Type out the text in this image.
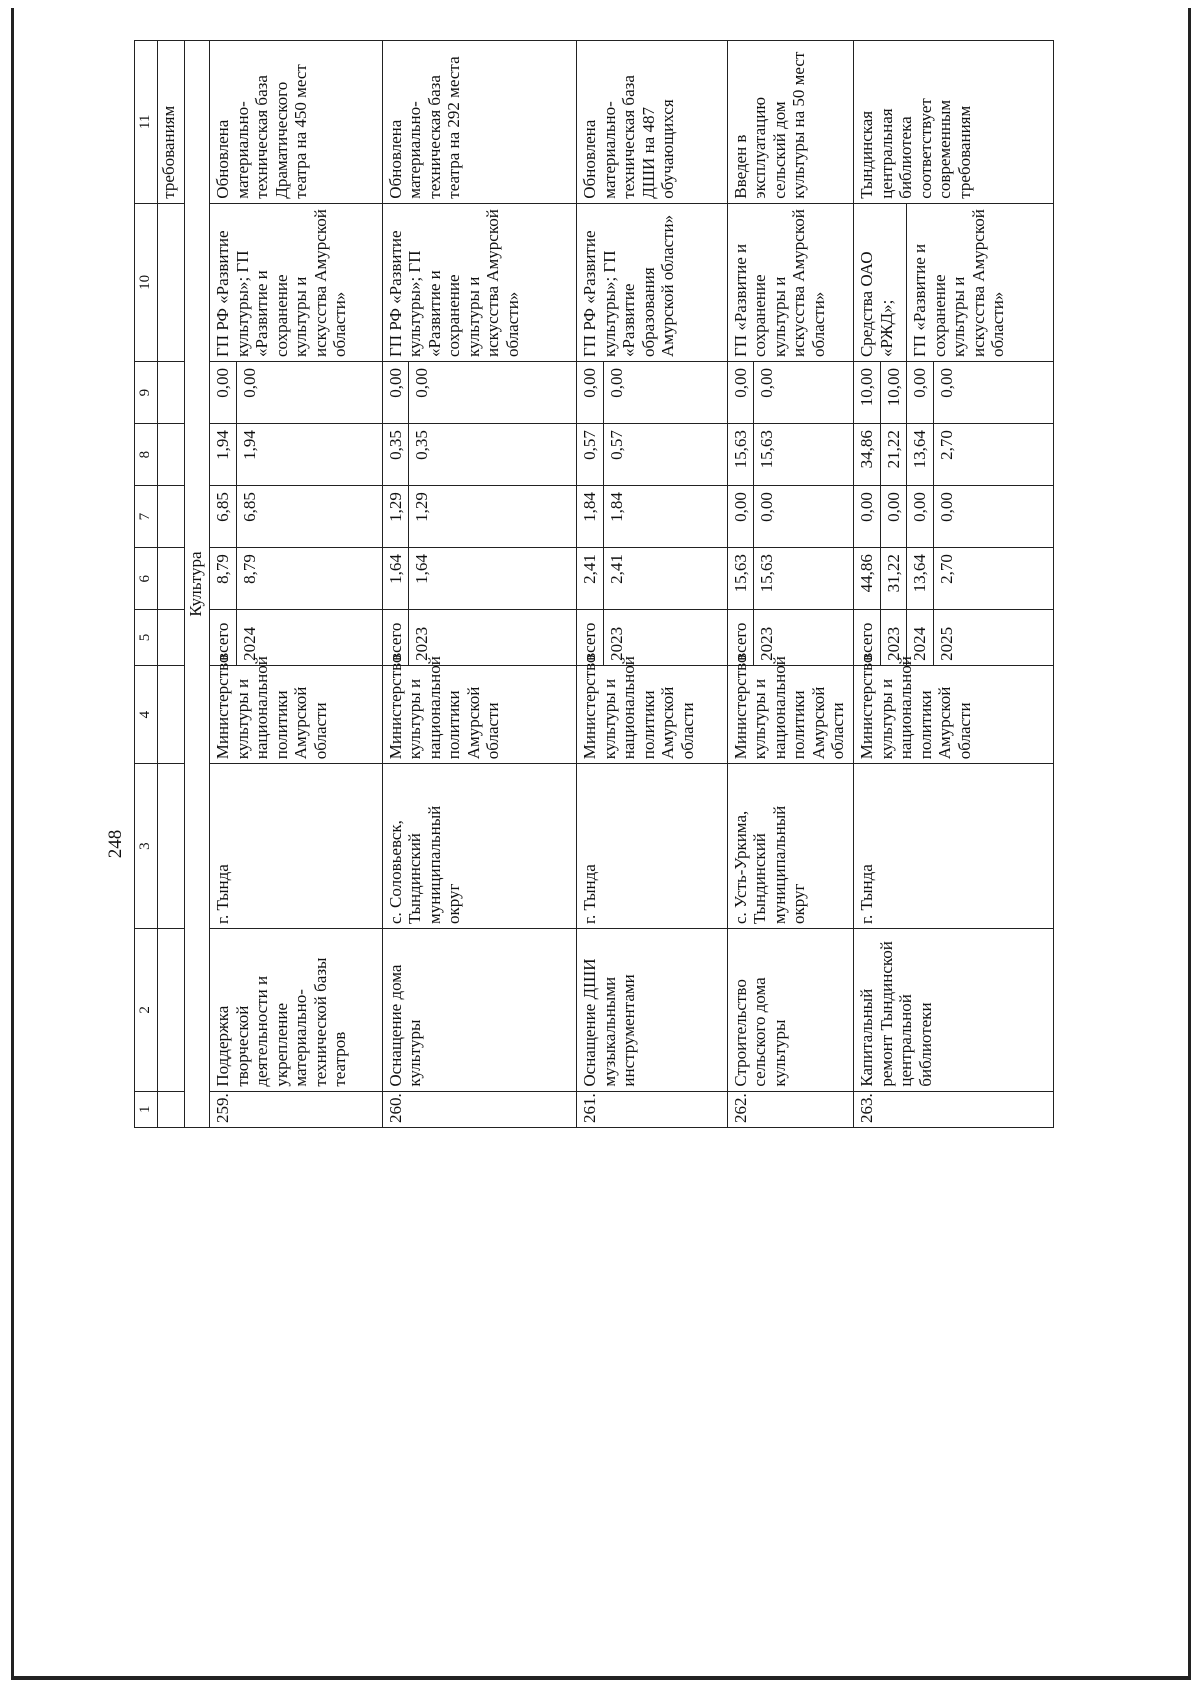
248
1	2	3	4	5	6	7	8	9	10	11
										требованиям
Культура										
259.	Поддержка творческой деятельности и укрепление материально-технической базы театров	г. Тында	Министерство культуры и национальной политики Амурской области	всего	8,79	6,85	1,94	0,00	ГП РФ «Развитие культуры»; ГП «Развитие и сохранение культуры и искусства Амурской области»	Обновлена материально-техническая база Драматического театра на 450 мест
				2024	8,79	6,85	1,94	0,00		
260.	Оснащение дома культуры	с. Соловьевск, Тындинский муниципальный округ	Министерство культуры и национальной политики Амурской области	всего	1,64	1,29	0,35	0,00	ГП РФ «Развитие культуры»; ГП «Развитие и сохранение культуры и искусства Амурской области»	Обновлена материально-техническая база театра на 292 места
				2023	1,64	1,29	0,35	0,00		
261.	Оснащение ДШИ музыкальными инструментами	г. Тында	Министерство культуры и национальной политики Амурской области	всего	2,41	1,84	0,57	0,00	ГП РФ «Развитие культуры»; ГП «Развитие образования Амурской области»	Обновлена материально-техническая база ДШИ на 487 обучающихся
				2023	2,41	1,84	0,57	0,00		
262.	Строительство сельского дома культуры	с. Усть-Уркима, Тындинский муниципальный округ	Министерство культуры и национальной политики Амурской области	всего	15,63	0,00	15,63	0,00	ГП «Развитие и сохранение культуры и искусства Амурской области»	Введен в эксплуатацию сельский дом культуры на 50 мест
				2023	15,63	0,00	15,63	0,00		
263.	Капитальный ремонт Тындинской центральной библиотеки	г. Тында	Министерство культуры и национальной политики Амурской области	всего	44,86	0,00	34,86	10,00	Средства ОАО «РЖД»;	Тындинская центральная библиотека соответствует современным требованиям
				2023	31,22	0,00	21,22	10,00		
				2024	13,64	0,00	13,64	0,00	ГП «Развитие и сохранение культуры и искусства Амурской области»	
				2025	2,70	0,00	2,70	0,00		
